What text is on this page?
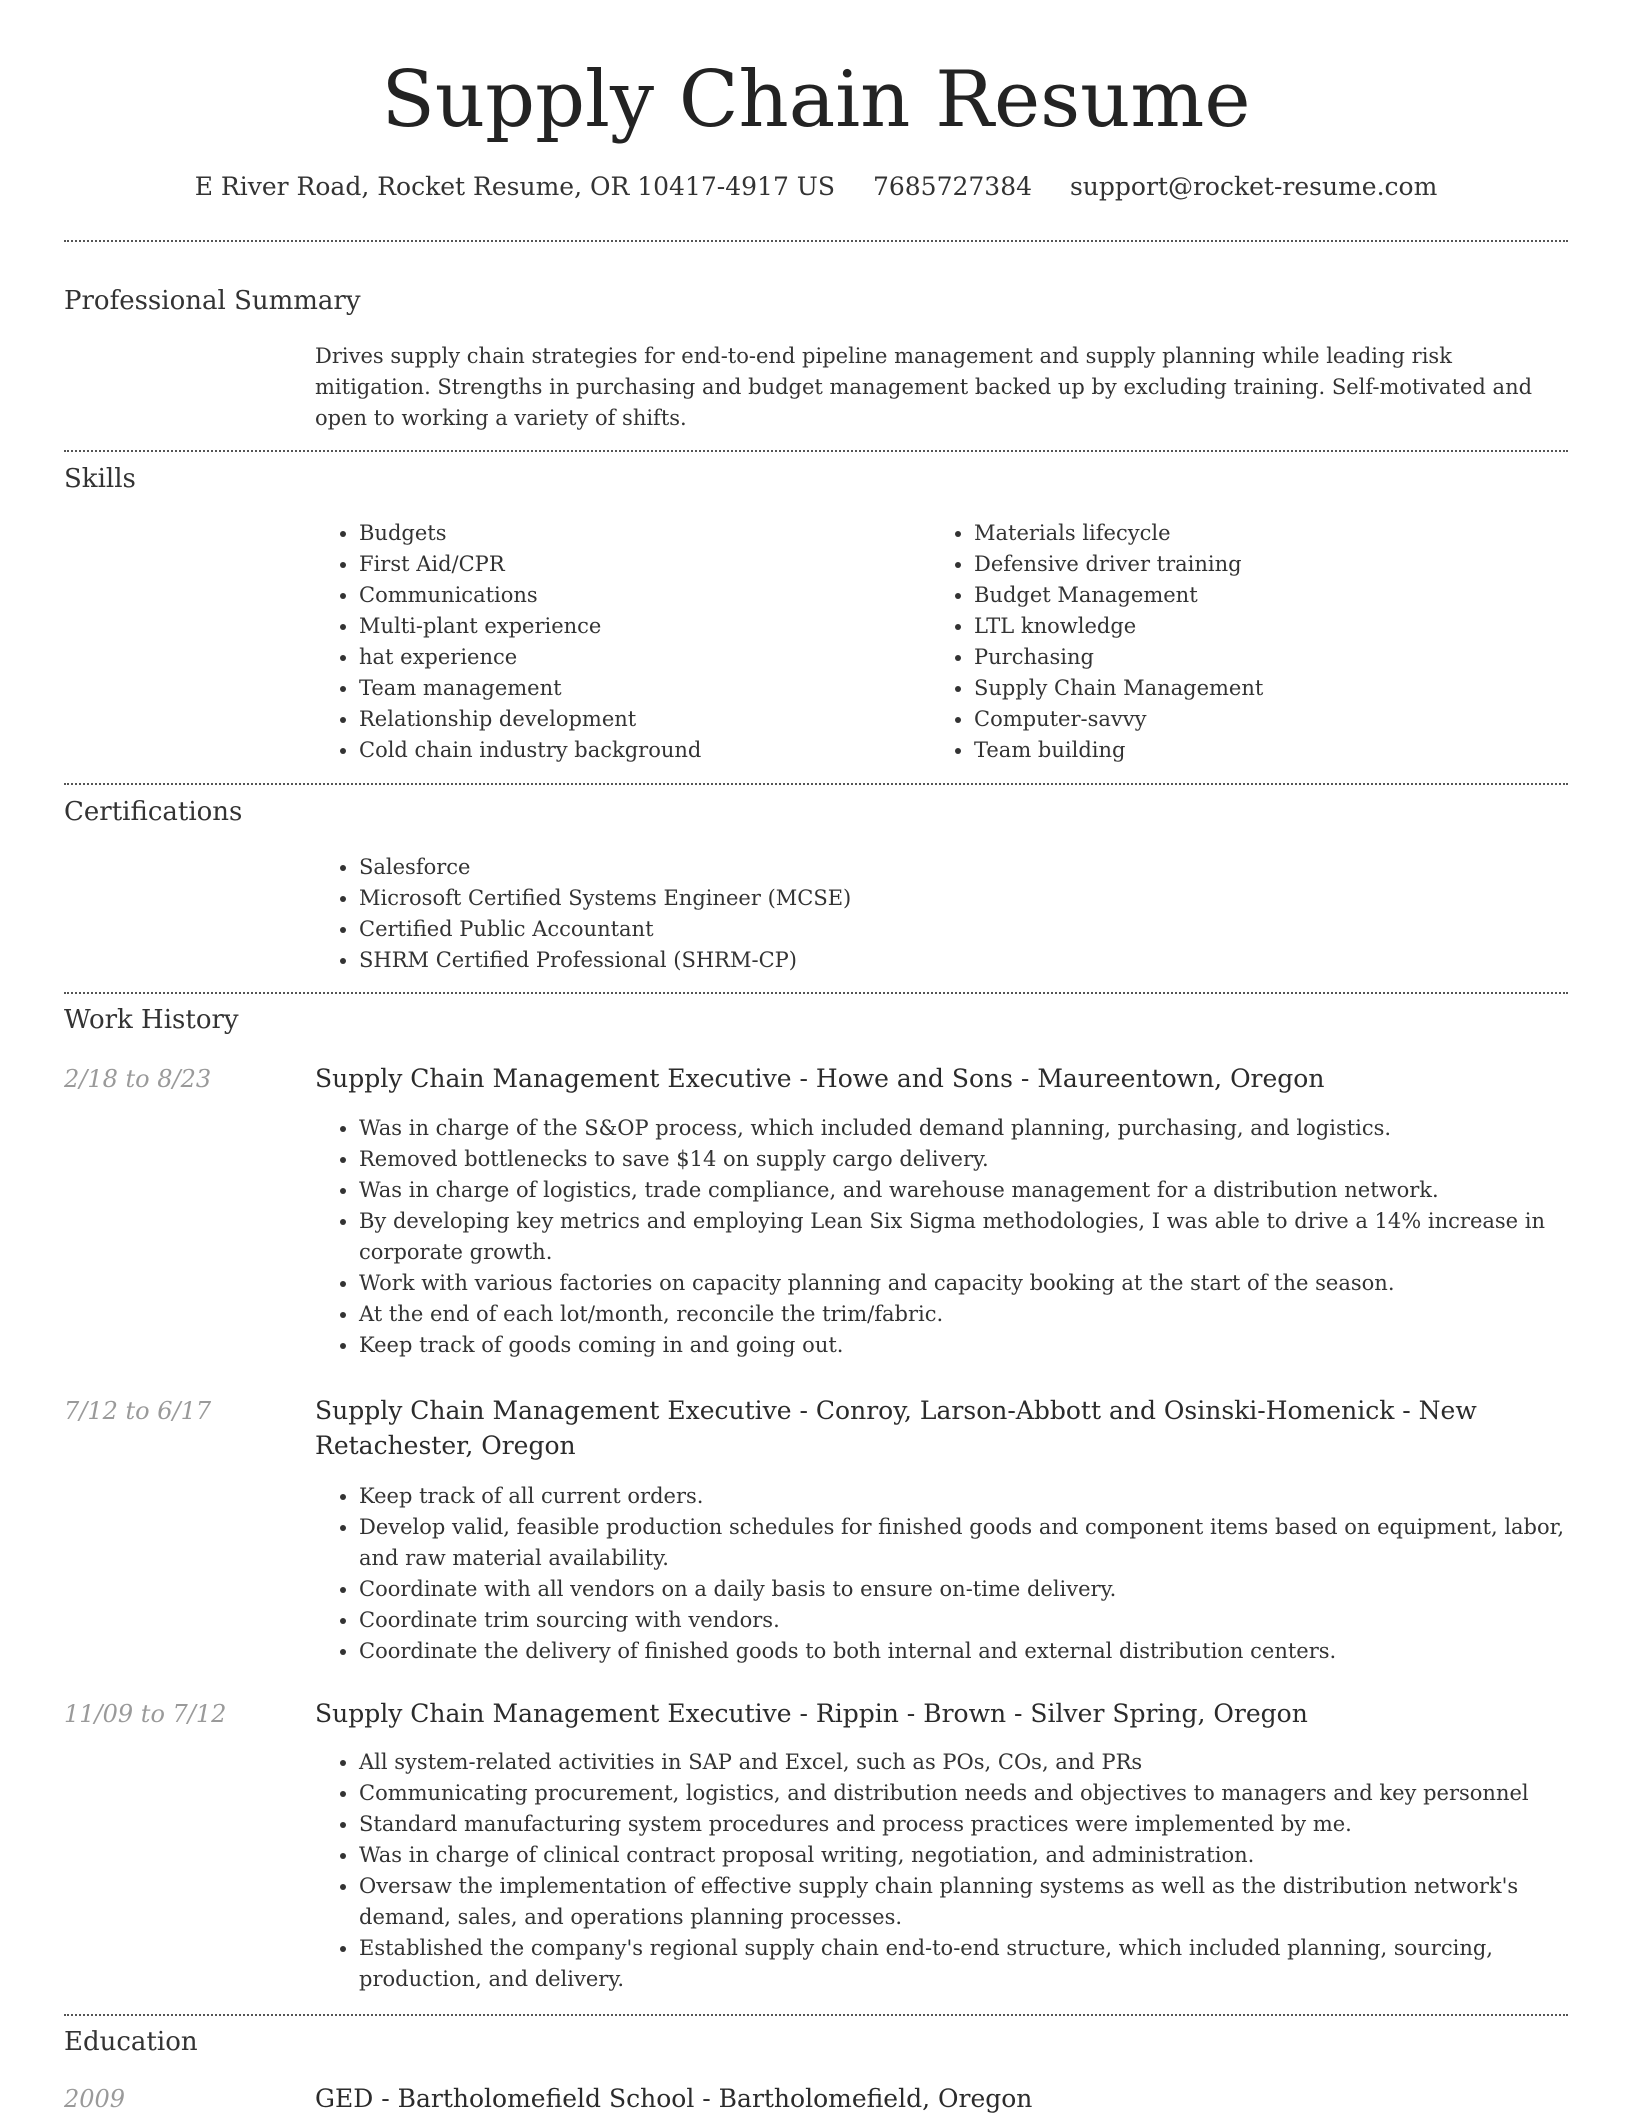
Supply Chain Resume
E River Road, Rocket Resume, OR 10417-4917 US 7685727384 support@rocket-resume.com
Professional Summary

Drives supply chain strategies for end-to-end pipeline management and supply planning while leading risk mitigation. Strengths in purchasing and budget management backed up by excluding training. Self-motivated and open to working a variety of shifts.

Skills
• Budgets
• First Aid/CPR
• Communications
• Multi-plant experience
• hat experience
• Team management
• Relationship development
• Cold chain industry background
• Materials lifecycle
• Defensive driver training
• Budget Management
• LTL knowledge
• Purchasing
• Supply Chain Management
• Computer-savvy
• Team building
Certifications
• Salesforce
• Microsoft Certified Systems Engineer (MCSE)
• Certified Public Accountant
• SHRM Certified Professional (SHRM-CP)
Work History
2/18 to 8/23	Supply Chain Management Executive - Howe and Sons - Maureentown, Oregon
• Was in charge of the S&OP process, which included demand planning, purchasing, and logistics.
• Removed bottlenecks to save $14 on supply cargo delivery.
• Was in charge of logistics, trade compliance, and warehouse management for a distribution network.
• By developing key metrics and employing Lean Six Sigma methodologies, I was able to drive a 14% increase in corporate growth.
• Work with various factories on capacity planning and capacity booking at the start of the season.
• At the end of each lot/month, reconcile the trim/fabric.
• Keep track of goods coming in and going out.
7/12 to 6/17	Supply Chain Management Executive - Conroy, Larson-Abbott and Osinski-Homenick - New Retachester, Oregon
• Keep track of all current orders.
• Develop valid, feasible production schedules for finished goods and component items based on equipment, labor, and raw material availability.
• Coordinate with all vendors on a daily basis to ensure on-time delivery.
• Coordinate trim sourcing with vendors.
• Coordinate the delivery of finished goods to both internal and external distribution centers.
11/09 to 7/12	Supply Chain Management Executive - Rippin - Brown - Silver Spring, Oregon
• All system-related activities in SAP and Excel, such as POs, COs, and PRs
• Communicating procurement, logistics, and distribution needs and objectives to managers and key personnel
• Standard manufacturing system procedures and process practices were implemented by me.
• Was in charge of clinical contract proposal writing, negotiation, and administration.
• Oversaw the implementation of effective supply chain planning systems as well as the distribution network's demand, sales, and operations planning processes.
• Established the company's regional supply chain end-to-end structure, which included planning, sourcing, production, and delivery.
Education
2009	GED - Bartholomefield School - Bartholomefield, Oregon
